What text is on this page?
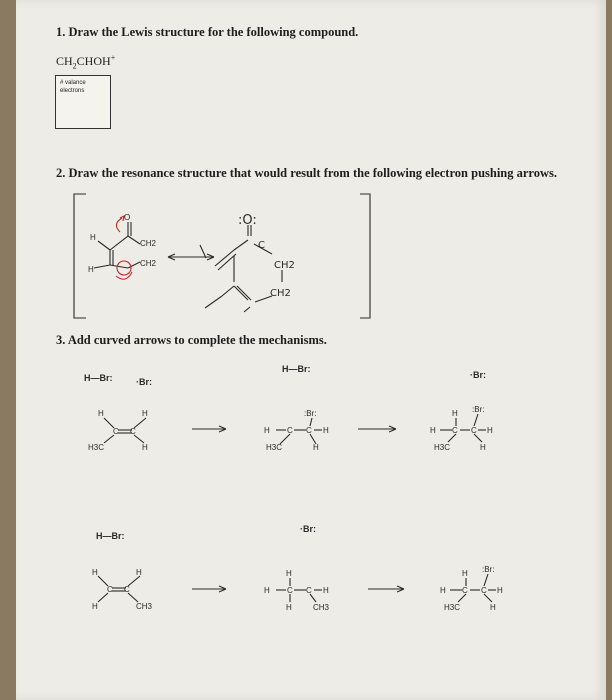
1. Draw the Lewis structure for the following compound.
$CH_2CHOH^+$
# valance
electrons
2. Draw the resonance structure that would result from the following electron pushing arrows.
3. Add curved arrows to complete the mechanisms.
H
H
CH2
CH2
O	:O:
CH2
CH2
C
H—Br:	·Br:
H	H
C C
H3C	H
H—Br:
:Br:
H C C H
H3C	H
·Br:
H :Br:
H C C H
H3C	H
H—Br:
·Br:
H	H
C C
H	CH3
H
H C C H
H	CH3
H :Br:
H C C H
H3C	H
